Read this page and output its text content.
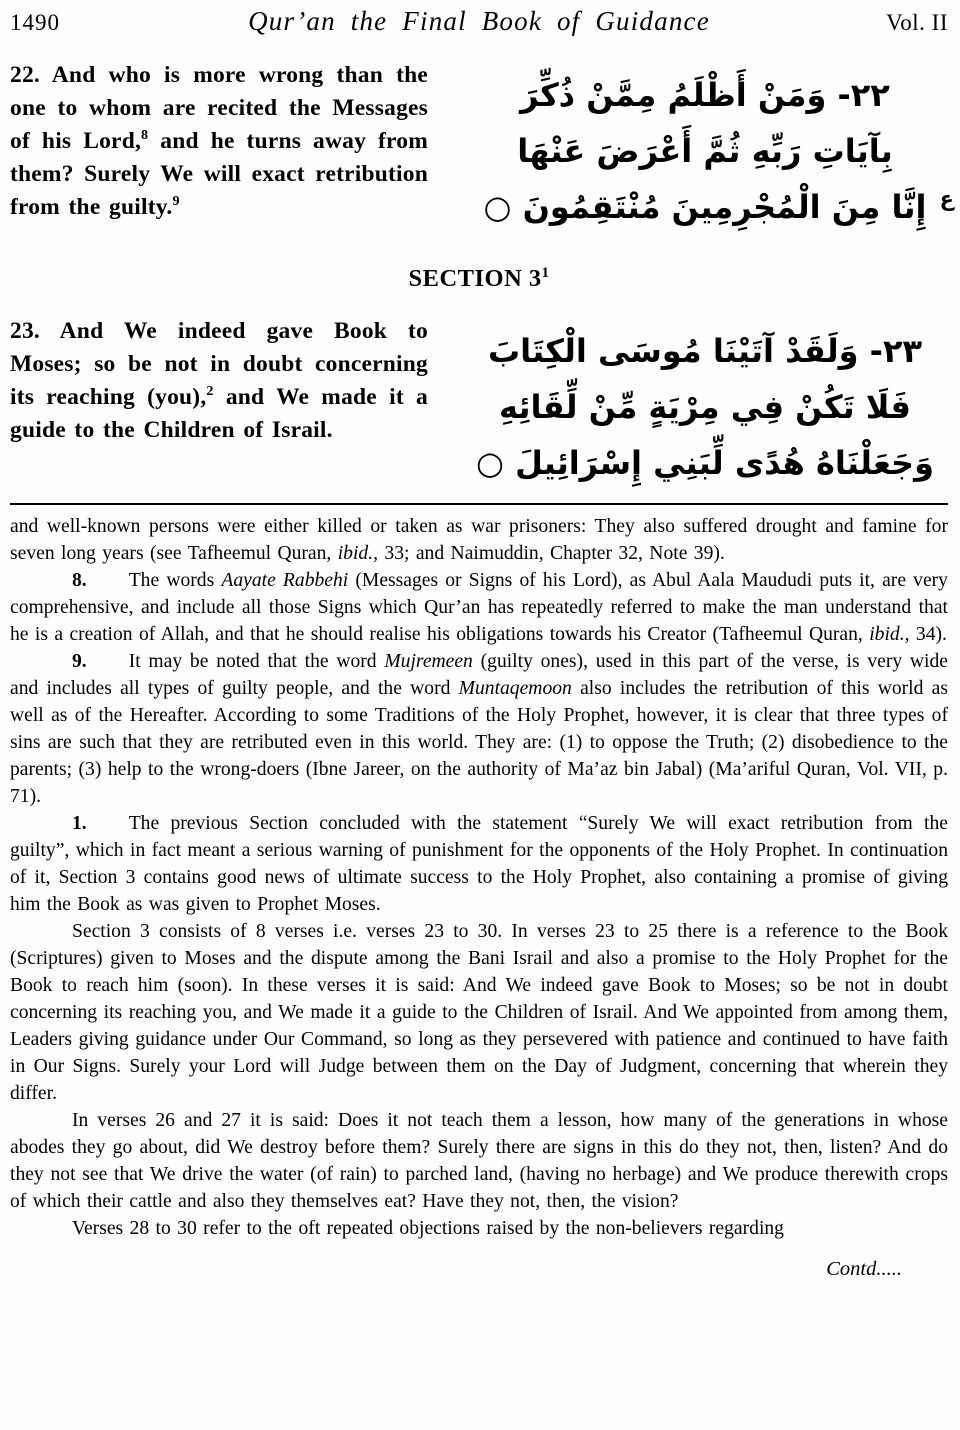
1490	Qur’an the Final Book of Guidance	Vol. II

22. And who is more wrong than the one to whom are recited the Messages of his Lord,$^8$ and he turns away from them? Surely We will exact retribution from the guilty.$^9$

۲۲- وَمَنْ أَظْلَمُ مِمَّنْ ذُكِّرَ
بِآيَاتِ رَبِّهِ ثُمَّ أَعْرَضَ عَنْهَا
إِنَّا مِنَ الْمُجْرِمِينَ مُنْتَقِمُونَ ○ ع
SECTION $3^1$

23. And We indeed gave Book to Moses; so be not in doubt concerning its reaching (you),$^2$ and We made it a guide to the Children of Israil.

۲۳- وَلَقَدْ آتَيْنَا مُوسَى الْكِتَابَ
فَلَا تَكُنْ فِي مِرْيَةٍ مِّنْ لِّقَائِهِ
وَجَعَلْنَاهُ هُدًى لِّبَنِي إِسْرَائِيلَ ○

and well-known persons were either killed or taken as war prisoners: They also suffered drought and famine for seven long years (see Tafheemul Quran, ibid., 33; and Naimuddin, Chapter 32, Note 39).

8. The words Aayate Rabbehi (Messages or Signs of his Lord), as Abul Aala Maududi puts it, are very comprehensive, and include all those Signs which Qur’an has repeatedly referred to make the man understand that he is a creation of Allah, and that he should realise his obligations towards his Creator (Tafheemul Quran, ibid., 34).

9. It may be noted that the word Mujremeen (guilty ones), used in this part of the verse, is very wide and includes all types of guilty people, and the word Muntaqemoon also includes the retribution of this world as well as of the Hereafter. According to some Traditions of the Holy Prophet, however, it is clear that three types of sins are such that they are retributed even in this world. They are: (1) to oppose the Truth; (2) disobedience to the parents; (3) help to the wrong-doers (Ibne Jareer, on the authority of Ma’az bin Jabal) (Ma’ariful Quran, Vol. VII, p. 71).

1. The previous Section concluded with the statement “Surely We will exact retribution from the guilty”, which in fact meant a serious warning of punishment for the opponents of the Holy Prophet. In continuation of it, Section 3 contains good news of ultimate success to the Holy Prophet, also containing a promise of giving him the Book as was given to Prophet Moses.

Section 3 consists of 8 verses i.e. verses 23 to 30. In verses 23 to 25 there is a reference to the Book (Scriptures) given to Moses and the dispute among the Bani Israil and also a promise to the Holy Prophet for the Book to reach him (soon). In these verses it is said: And We indeed gave Book to Moses; so be not in doubt concerning its reaching you, and We made it a guide to the Children of Israil. And We appointed from among them, Leaders giving guidance under Our Command, so long as they persevered with patience and continued to have faith in Our Signs. Surely your Lord will Judge between them on the Day of Judgment, concerning that wherein they differ.

In verses 26 and 27 it is said: Does it not teach them a lesson, how many of the generations in whose abodes they go about, did We destroy before them? Surely there are signs in this do they not, then, listen? And do they not see that We drive the water (of rain) to parched land, (having no herbage) and We produce therewith crops of which their cattle and also they themselves eat? Have they not, then, the vision?

Verses 28 to 30 refer to the oft repeated objections raised by the non-believers regarding

Contd.....
